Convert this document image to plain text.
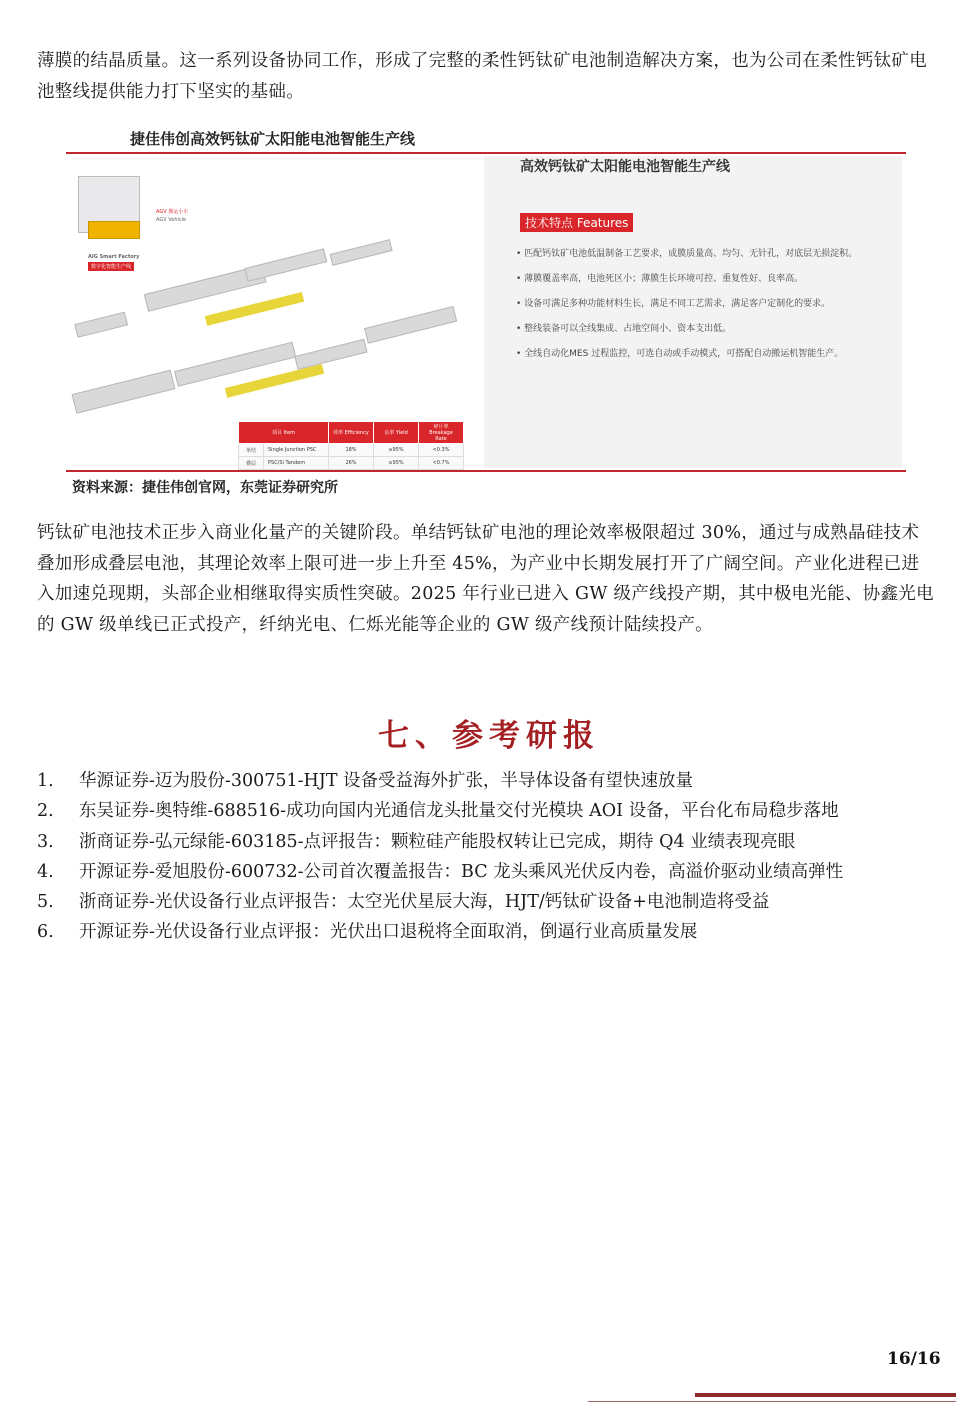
薄膜的结晶质量。这一系列设备协同工作，形成了完整的柔性钙钛矿电池制造解决方案，也为公司在柔性钙钛矿电池整线提供能力打下坚实的基础。

捷佳伟创高效钙钛矿太阳能电池智能生产线
AGV 搬运小车
AGV Vehicle
AIG Smart Factory
数字化智能生产线
项目 Item		效率 Efficiency	良率 Yield	碎片率 Breakage Rate
单结	Single Junction PSC	18%	≥95%	<0.3%
叠层	PSC/Si Tandem	26%	≥95%	<0.7%
高效钙钛矿太阳能电池智能生产线
技术特点 Features
• 匹配钙钛矿电池低温制备工艺要求，成膜质量高、均匀、无针孔，对底层无损淀积。
• 薄膜覆盖率高，电池死区小；薄膜生长环境可控、重复性好、良率高。
• 设备可满足多种功能材料生长，满足不同工艺需求，满足客户定制化的要求。
• 整线装备可以全线集成、占地空间小、资本支出低。
• 全线自动化MES 过程监控，可选自动或手动模式，可搭配自动搬运机智能生产。
资料来源：捷佳伟创官网，东莞证券研究所

钙钛矿电池技术正步入商业化量产的关键阶段。单结钙钛矿电池的理论效率极限超过 30%，通过与成熟晶硅技术叠加形成叠层电池，其理论效率上限可进一步上升至 45%，为产业中长期发展打开了广阔空间。产业化进程已进入加速兑现期，头部企业相继取得实质性突破。2025 年行业已进入 GW 级产线投产期，其中极电光能、协鑫光电的 GW 级单线已正式投产，纤纳光电、仁烁光能等企业的 GW 级产线预计陆续投产。

七、参考研报
1. 华源证券-迈为股份-300751-HJT 设备受益海外扩张，半导体设备有望快速放量
2. 东吴证券-奥特维-688516-成功向国内光通信龙头批量交付光模块 AOI 设备，平台化布局稳步落地
3. 浙商证券-弘元绿能-603185-点评报告：颗粒硅产能股权转让已完成，期待 Q4 业绩表现亮眼
4. 开源证券-爱旭股份-600732-公司首次覆盖报告：BC 龙头乘风光伏反内卷，高溢价驱动业绩高弹性
5. 浙商证券-光伏设备行业点评报告：太空光伏星辰大海，HJT/钙钛矿设备+电池制造将受益
6. 开源证券-光伏设备行业点评报：光伏出口退税将全面取消，倒逼行业高质量发展
16/16
